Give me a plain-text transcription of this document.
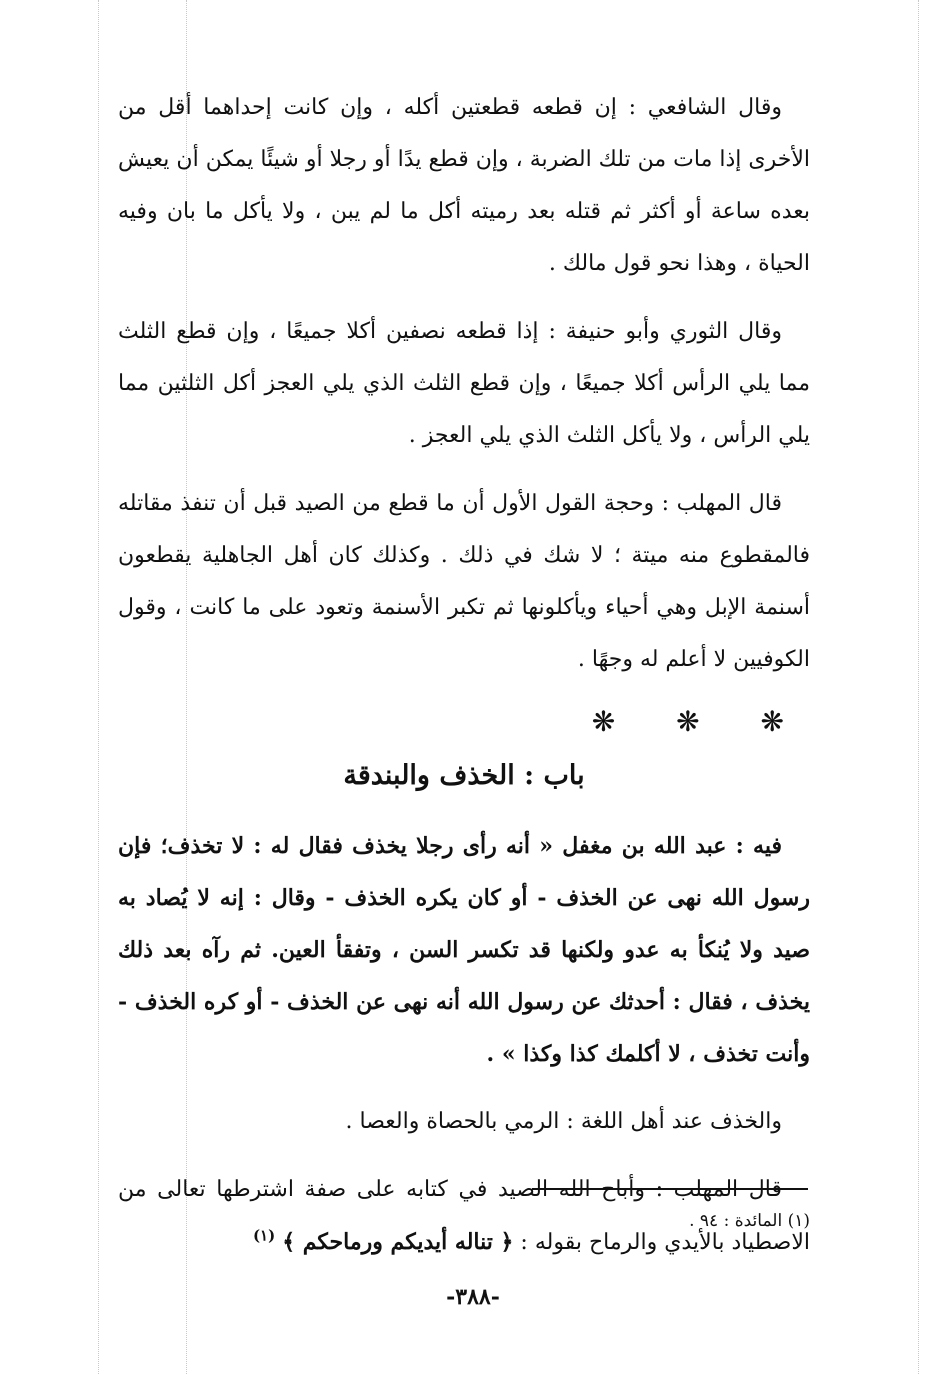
وقال الشافعي : إن قطعه قطعتين أكله ، وإن كانت إحداهما أقل من الأخرى إذا مات من تلك الضربة ، وإن قطع يدًا أو رجلا أو شيئًا يمكن أن يعيش بعده ساعة أو أكثر ثم قتله بعد رميته أكل ما لم يبن ، ولا يأكل ما بان وفيه الحياة ، وهذا نحو قول مالك .

وقال الثوري وأبو حنيفة : إذا قطعه نصفين أكلا جميعًا ، وإن قطع الثلث مما يلي الرأس أكلا جميعًا ، وإن قطع الثلث الذي يلي العجز أكل الثلثين مما يلي الرأس ، ولا يأكل الثلث الذي يلي العجز .

قال المهلب : وحجة القول الأول أن ما قطع من الصيد قبل أن تنفذ مقاتله فالمقطوع منه ميتة ؛ لا شك في ذلك . وكذلك كان أهل الجاهلية يقطعون أسنمة الإبل وهي أحياء ويأكلونها ثم تكبر الأسنمة وتعود على ما كانت ، وقول الكوفيين لا أعلم له وجهًا .

❋ ❋ ❋
باب : الخذف والبندقة

فيه : عبد الله بن مغفل « أنه رأى رجلا يخذف فقال له : لا تخذف؛ فإن رسول الله نهى عن الخذف - أو كان يكره الخذف - وقال : إنه لا يُصاد به صيد ولا يُنكأ به عدو ولكنها قد تكسر السن ، وتفقأ العين. ثم رآه بعد ذلك يخذف ، فقال : أحدثك عن رسول الله أنه نهى عن الخذف - أو كره الخذف - وأنت تخذف ، لا أكلمك كذا وكذا » .

والخذف عند أهل اللغة : الرمي بالحصاة والعصا .

قال المهلب : وأباح الله الصيد في كتابه على صفة اشترطها تعالى من الاصطياد بالأيدي والرماح بقوله : ﴿ تناله أيديكم ورماحكم ﴾ $^{(١)}$

(١) المائدة : ٩٤ .
-٣٨٨-
